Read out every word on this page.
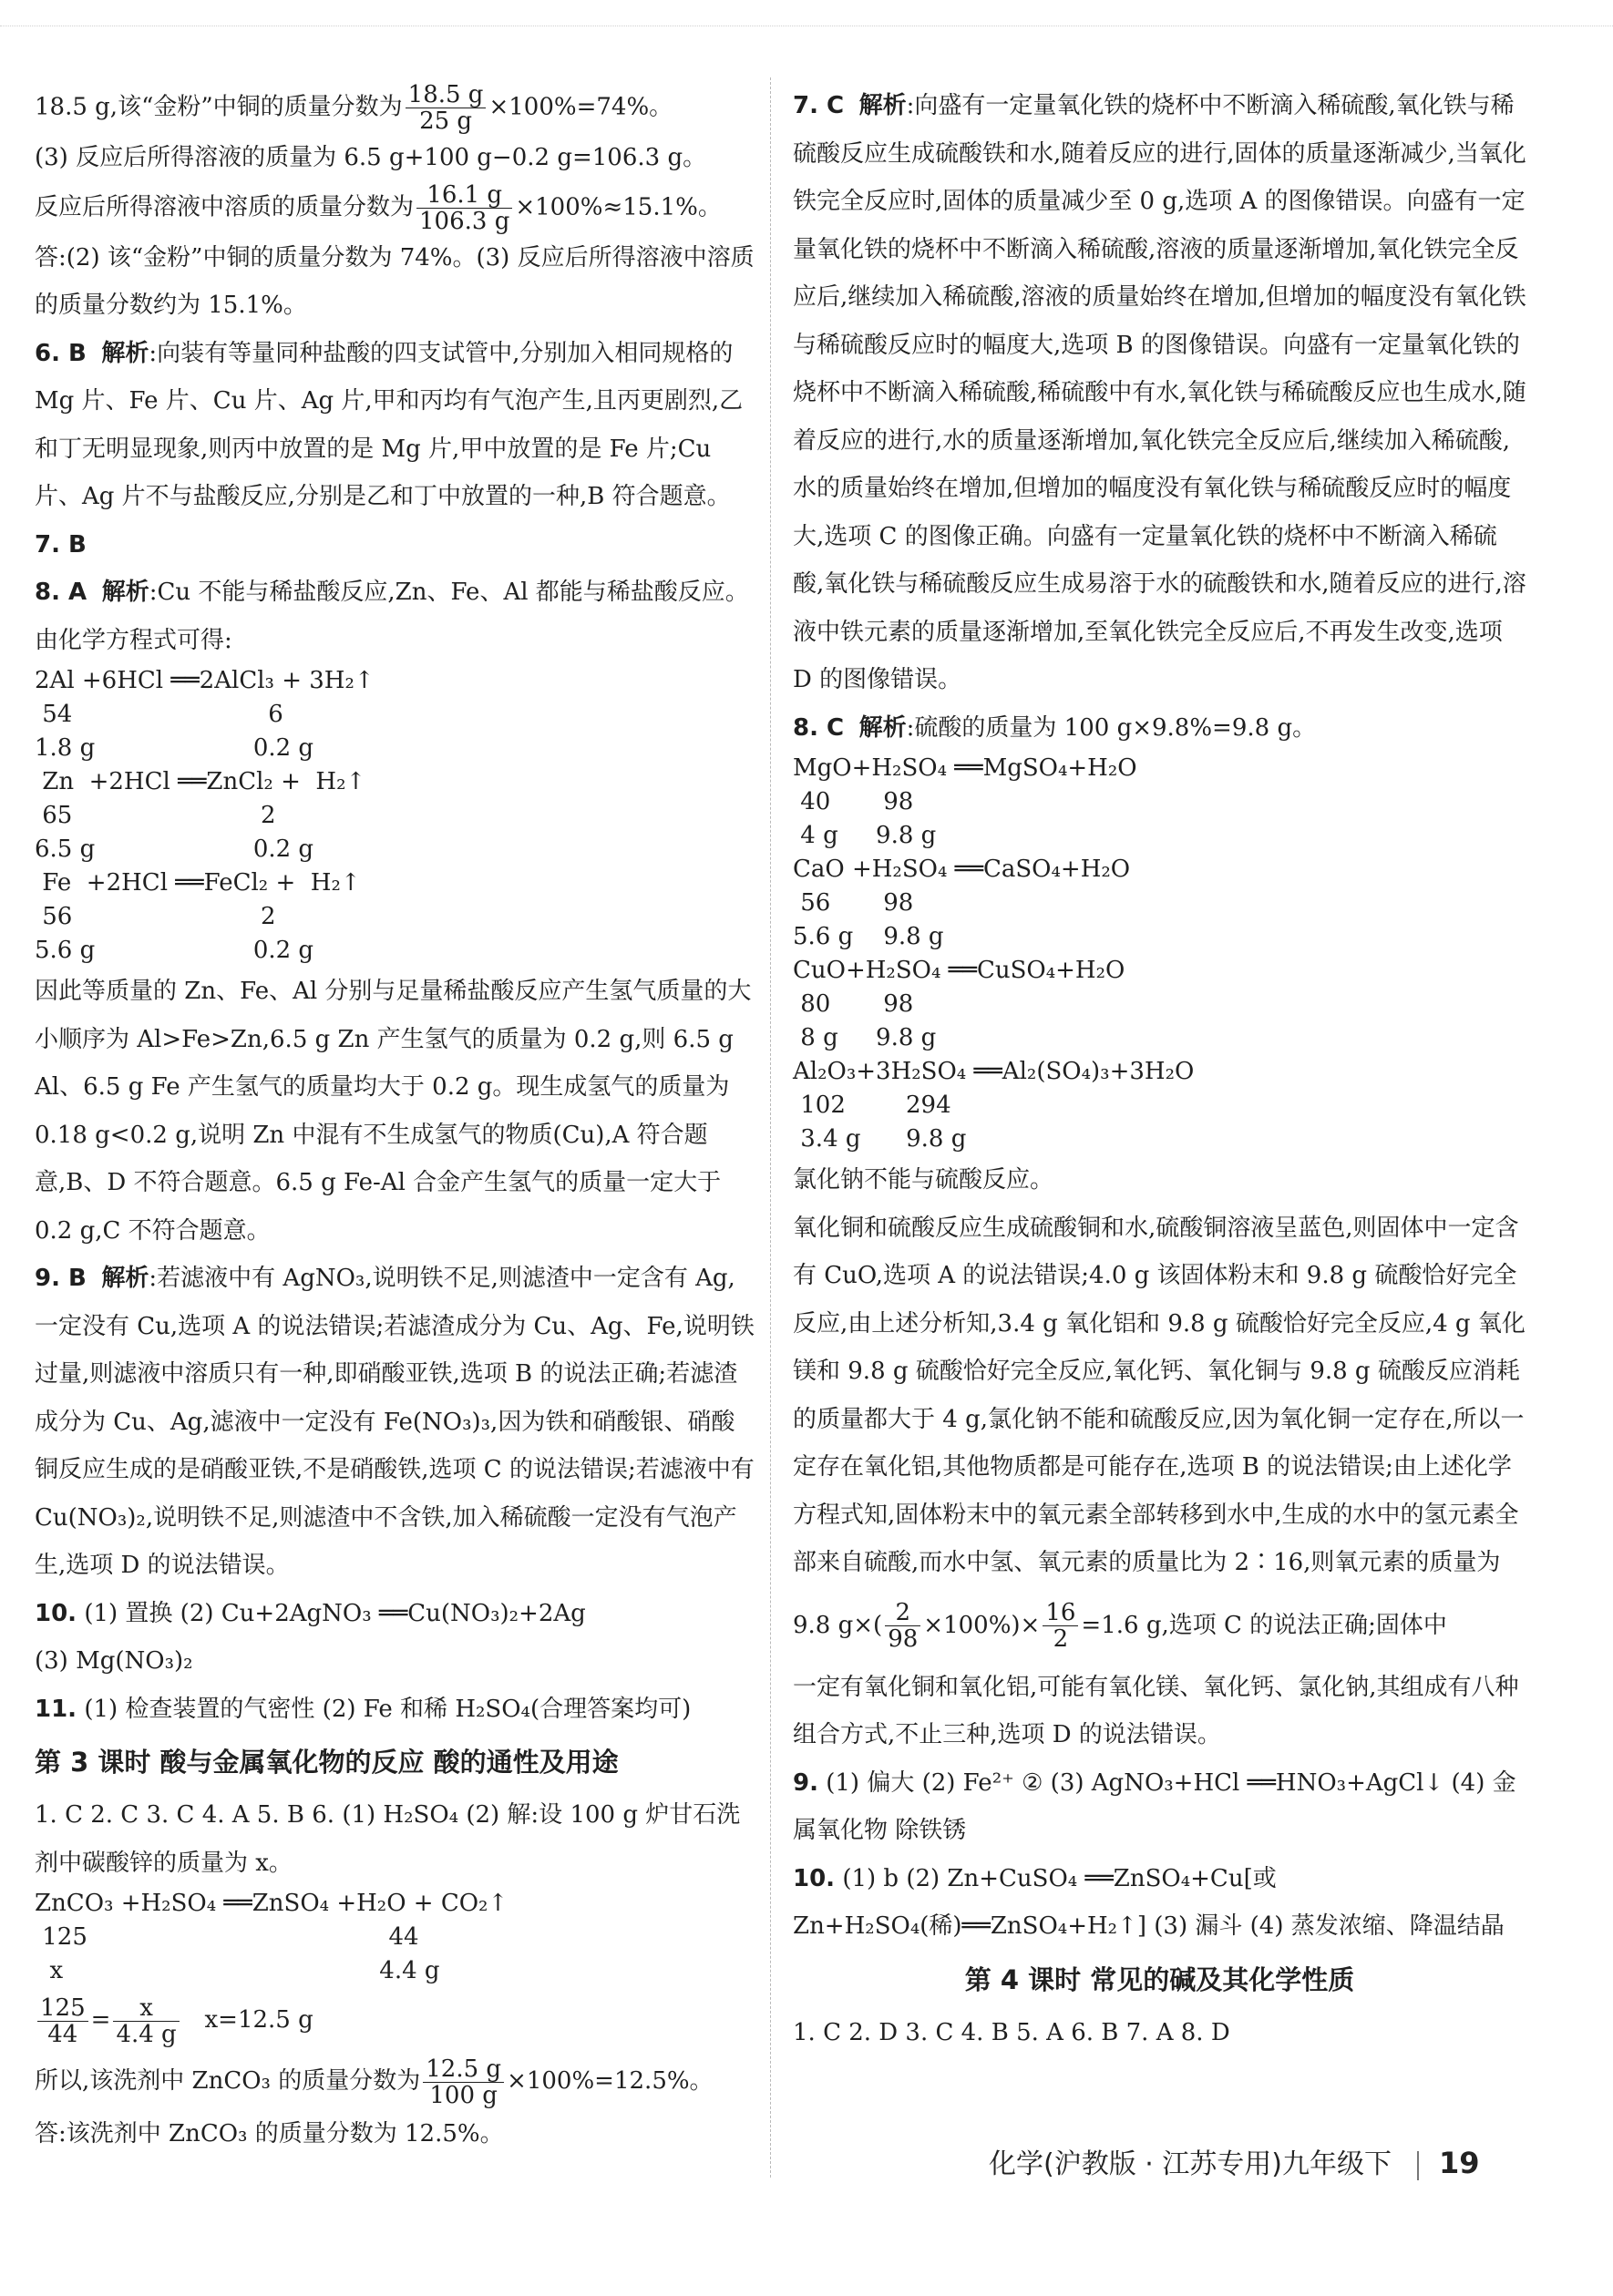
18.5 g,该“金粉”中铜的质量分数为 $\frac{18.5 g}{25 g} \times 100\%=74\%$。

(3) 反应后所得溶液的质量为 6.5 g+100 g−0.2 g=106.3 g。

反应后所得溶液中溶质的质量分数为 $\frac{16.1 g}{106.3 g} \times 100\%\approx 15.1\%$。

答:(2) 该“金粉”中铜的质量分数为 74%。(3) 反应后所得溶液中溶质的质量分数约为 15.1%。

6. B 解析:向装有等量同种盐酸的四支试管中,分别加入相同规格的 Mg 片、Fe 片、Cu 片、Ag 片,甲和丙均有气泡产生,且丙更剧烈,乙和丁无明显现象,则丙中放置的是 Mg 片,甲中放置的是 Fe 片;Cu 片、Ag 片不与盐酸反应,分别是乙和丁中放置的一种,B 符合题意。

7. B

8. A 解析:Cu 不能与稀盐酸反应,Zn、Fe、Al 都能与稀盐酸反应。由化学方程式可得:

2Al +6HCl ══2AlCl₃ + 3H₂↑
54                          6
1.8 g                     0.2 g
Zn  +2HCl ══ZnCl₂ +  H₂↑
65                         2
6.5 g                     0.2 g
Fe  +2HCl ══FeCl₂ +  H₂↑
56                         2
5.6 g                     0.2 g

因此等质量的 Zn、Fe、Al 分别与足量稀盐酸反应产生氢气质量的大小顺序为 Al>Fe>Zn,6.5 g Zn 产生氢气的质量为 0.2 g,则 6.5 g Al、6.5 g Fe 产生氢气的质量均大于 0.2 g。现生成氢气的质量为 0.18 g<0.2 g,说明 Zn 中混有不生成氢气的物质(Cu),A 符合题意,B、D 不符合题意。6.5 g Fe-Al 合金产生氢气的质量一定大于 0.2 g,C 不符合题意。

9. B 解析:若滤液中有 AgNO₃,说明铁不足,则滤渣中一定含有 Ag,一定没有 Cu,选项 A 的说法错误;若滤渣成分为 Cu、Ag、Fe,说明铁过量,则滤液中溶质只有一种,即硝酸亚铁,选项 B 的说法正确;若滤渣成分为 Cu、Ag,滤液中一定没有 Fe(NO₃)₃,因为铁和硝酸银、硝酸铜反应生成的是硝酸亚铁,不是硝酸铁,选项 C 的说法错误;若滤液中有 Cu(NO₃)₂,说明铁不足,则滤渣中不含铁,加入稀硫酸一定没有气泡产生,选项 D 的说法错误。

10. (1) 置换 (2) Cu+2AgNO₃ ══Cu(NO₃)₂+2Ag

(3) Mg(NO₃)₂

11. (1) 检查装置的气密性 (2) Fe 和稀 H₂SO₄(合理答案均可)

第 3 课时 酸与金属氧化物的反应 酸的通性及用途

1. C 2. C 3. C 4. A 5. B 6. (1) H₂SO₄ (2) 解:设 100 g 炉甘石洗剂中碳酸锌的质量为 x。

ZnCO₃ +H₂SO₄ ══ZnSO₄ +H₂O + CO₂↑
125                                        44
x                                          4.4 g

$\frac{125}{44} = \frac{x}{4.4 g} x=12.5$ g

所以,该洗剂中 ZnCO₃ 的质量分数为 $\frac{12.5 g}{100 g} \times 100\%=12.5\%$。

答:该洗剂中 ZnCO₃ 的质量分数为 12.5%。

7. C 解析:向盛有一定量氧化铁的烧杯中不断滴入稀硫酸,氧化铁与稀硫酸反应生成硫酸铁和水,随着反应的进行,固体的质量逐渐减少,当氧化铁完全反应时,固体的质量减少至 0 g,选项 A 的图像错误。向盛有一定量氧化铁的烧杯中不断滴入稀硫酸,溶液的质量逐渐增加,氧化铁完全反应后,继续加入稀硫酸,溶液的质量始终在增加,但增加的幅度没有氧化铁与稀硫酸反应时的幅度大,选项 B 的图像错误。向盛有一定量氧化铁的烧杯中不断滴入稀硫酸,稀硫酸中有水,氧化铁与稀硫酸反应也生成水,随着反应的进行,水的质量逐渐增加,氧化铁完全反应后,继续加入稀硫酸,水的质量始终在增加,但增加的幅度没有氧化铁与稀硫酸反应时的幅度大,选项 C 的图像正确。向盛有一定量氧化铁的烧杯中不断滴入稀硫酸,氧化铁与稀硫酸反应生成易溶于水的硫酸铁和水,随着反应的进行,溶液中铁元素的质量逐渐增加,至氧化铁完全反应后,不再发生改变,选项 D 的图像错误。

8. C 解析:硫酸的质量为 100 g×9.8%=9.8 g。

MgO+H₂SO₄ ══MgSO₄+H₂O
40       98
4 g     9.8 g
CaO +H₂SO₄ ══CaSO₄+H₂O
56       98
5.6 g    9.8 g
CuO+H₂SO₄ ══CuSO₄+H₂O
80       98
8 g     9.8 g
Al₂O₃+3H₂SO₄ ══Al₂(SO₄)₃+3H₂O
102        294
3.4 g      9.8 g

氯化钠不能与硫酸反应。

氧化铜和硫酸反应生成硫酸铜和水,硫酸铜溶液呈蓝色,则固体中一定含有 CuO,选项 A 的说法错误;4.0 g 该固体粉末和 9.8 g 硫酸恰好完全反应,由上述分析知,3.4 g 氧化铝和 9.8 g 硫酸恰好完全反应,4 g 氧化镁和 9.8 g 硫酸恰好完全反应,氧化钙、氧化铜与 9.8 g 硫酸反应消耗的质量都大于 4 g,氯化钠不能和硫酸反应,因为氧化铜一定存在,所以一定存在氧化铝,其他物质都是可能存在,选项 B 的说法错误;由上述化学方程式知,固体粉末中的氧元素全部转移到水中,生成的水中的氢元素全部来自硫酸,而水中氢、氧元素的质量比为 2∶16,则氧元素的质量为

9.8 $g\times( \frac{2}{98} \times 100\%)\times \frac{16}{2} =1.6$ g,选项 C 的说法正确;固体中

一定有氧化铜和氧化铝,可能有氧化镁、氧化钙、氯化钠,其组成有八种组合方式,不止三种,选项 D 的说法错误。

9. (1) 偏大 (2) Fe²⁺ ② (3) AgNO₃+HCl ══HNO₃+AgCl↓ (4) 金属氧化物 除铁锈

10. (1) b (2) Zn+CuSO₄ ══ZnSO₄+Cu[或 Zn+H₂SO₄(稀)══ZnSO₄+H₂↑] (3) 漏斗 (4) 蒸发浓缩、降温结晶

第 4 课时 常见的碱及其化学性质

1. C 2. D 3. C 4. B 5. A 6. B 7. A 8. D

化学(沪教版 · 江苏专用)九年级下 19
